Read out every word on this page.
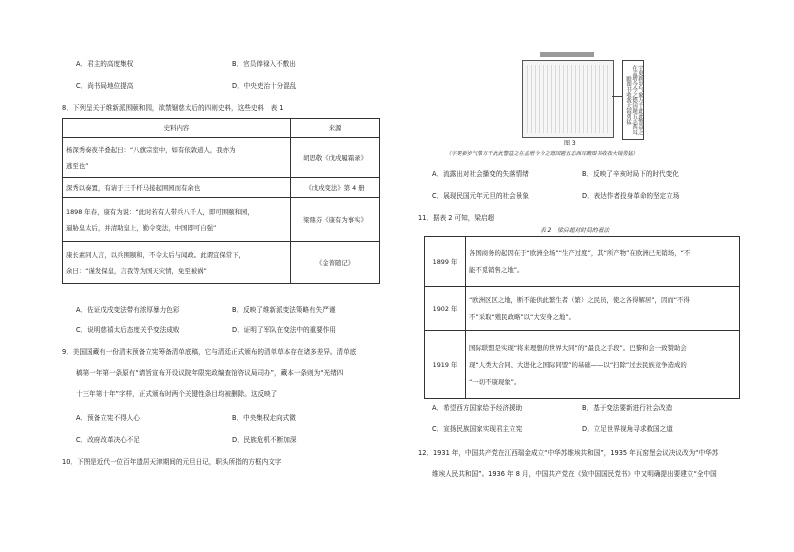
A．君主的高度集权	B．官员俸禄入不敷出
C．尚书局地位提高	D．中央吏治十分混乱
8．下列呈关于维新派围颐和园，欲禁锢慈太后的四则史料，这些史料　表 1
史料内容	来源

杨深秀奏夜半叠起曰：“八旗宗室中，如有依敦道人，我亦为
逃至也”	胡思敬《戊戌履霜录》

深秀以奏置，有请于三千杆马接起围园而有余也	《戊戌变法》第 4 册

1898 年春，康有为说：“此时若有人带兵八千人，即可围颐和园，
逼胁皇太后，并清助皇上，勤令变法，中国即可自强”	梁鼎芬《康有为事实》

康长素同人言，以兵围颐和，不令太后与闻政。此谓宜保常下，
余曰：“谨发保皇，言我等为国天灾情，免至被祸”	《金菁随记》
A．佐证戊戌变法带有浓厚暴力色彩	B．反映了维新派变法策略有失严谨
C．说明慈禧太后态度关乎变法成败	D．证明了军队在变法中的重要作用
9．美国国藏有一份清末预备立宪筹备清单底稿，它与清廷正式颁布的清单草本存在诸多差异。清单底
稿第一年第一条原有“请旨宣布开设议院年限宪政编查馆咨议局司办”，藏本一条则为“光绪四
十三年第十年”字样，正式颁布时两个关键性条目均被删除。这反映了
A．预备立宪不得人心	B．中央集权走向式微
C．改府改革决心不足	D．民族危机不断加深
10．下图是近代一位百年遗居天津期间的元旦日记，职头所指的方框内文字
宇更新岁气象万千此此警益之在孟增今今之德国题五志西耳瞻图书收我大镜勇猛
图 3
（宇更新岁气象万千此此警益之在孟增今今之德国题五志西耳瞻图书收我大镜勇猛）
A．流露出对社会播变的失落情绪	B．反映了辛亥时局下的时代变化
C．展现民国元年元旦的社会景象	D．表达作者投身革命的坚定立场
11．据表 2 可知，梁启超
表 2　梁启超对时局的看法
1899 年	各国商务的起因在于“欧洲全场”“生产过度”，其“所产物”在欧洲已无销场，“不
能不觅销售之地”。

1902 年	“欧洲区区之地，断不能供此繁生者（繁）之民员，使之各得解居”，因而“不得
不”采取“殖民政略”以“大安身之地”。

1919 年	国际联盟是实现“将来理想的世界大同”的“最良之手段”。巴黎和会一致赞助会
现“人类大合同、大进化之国际同盟”的基础——以“扫除”过去民族竞争造成的
“一切不康现象”。
A．希望西方国家给予经济援助	B．基于变法要新进行社会改造
C．宣扬民族国家实现君主立宪	D．立足世界视角寻求救国之道
12．1931 年，中国共产党在江西瑞金成立“中华苏维埃共和国”，1935 年瓦窑堡会议决议改为“中华苏
维埃人民共和国”。1936 年 8 月，中国共产党在《致中国国民党书》中又明确提出要建立“全中国
